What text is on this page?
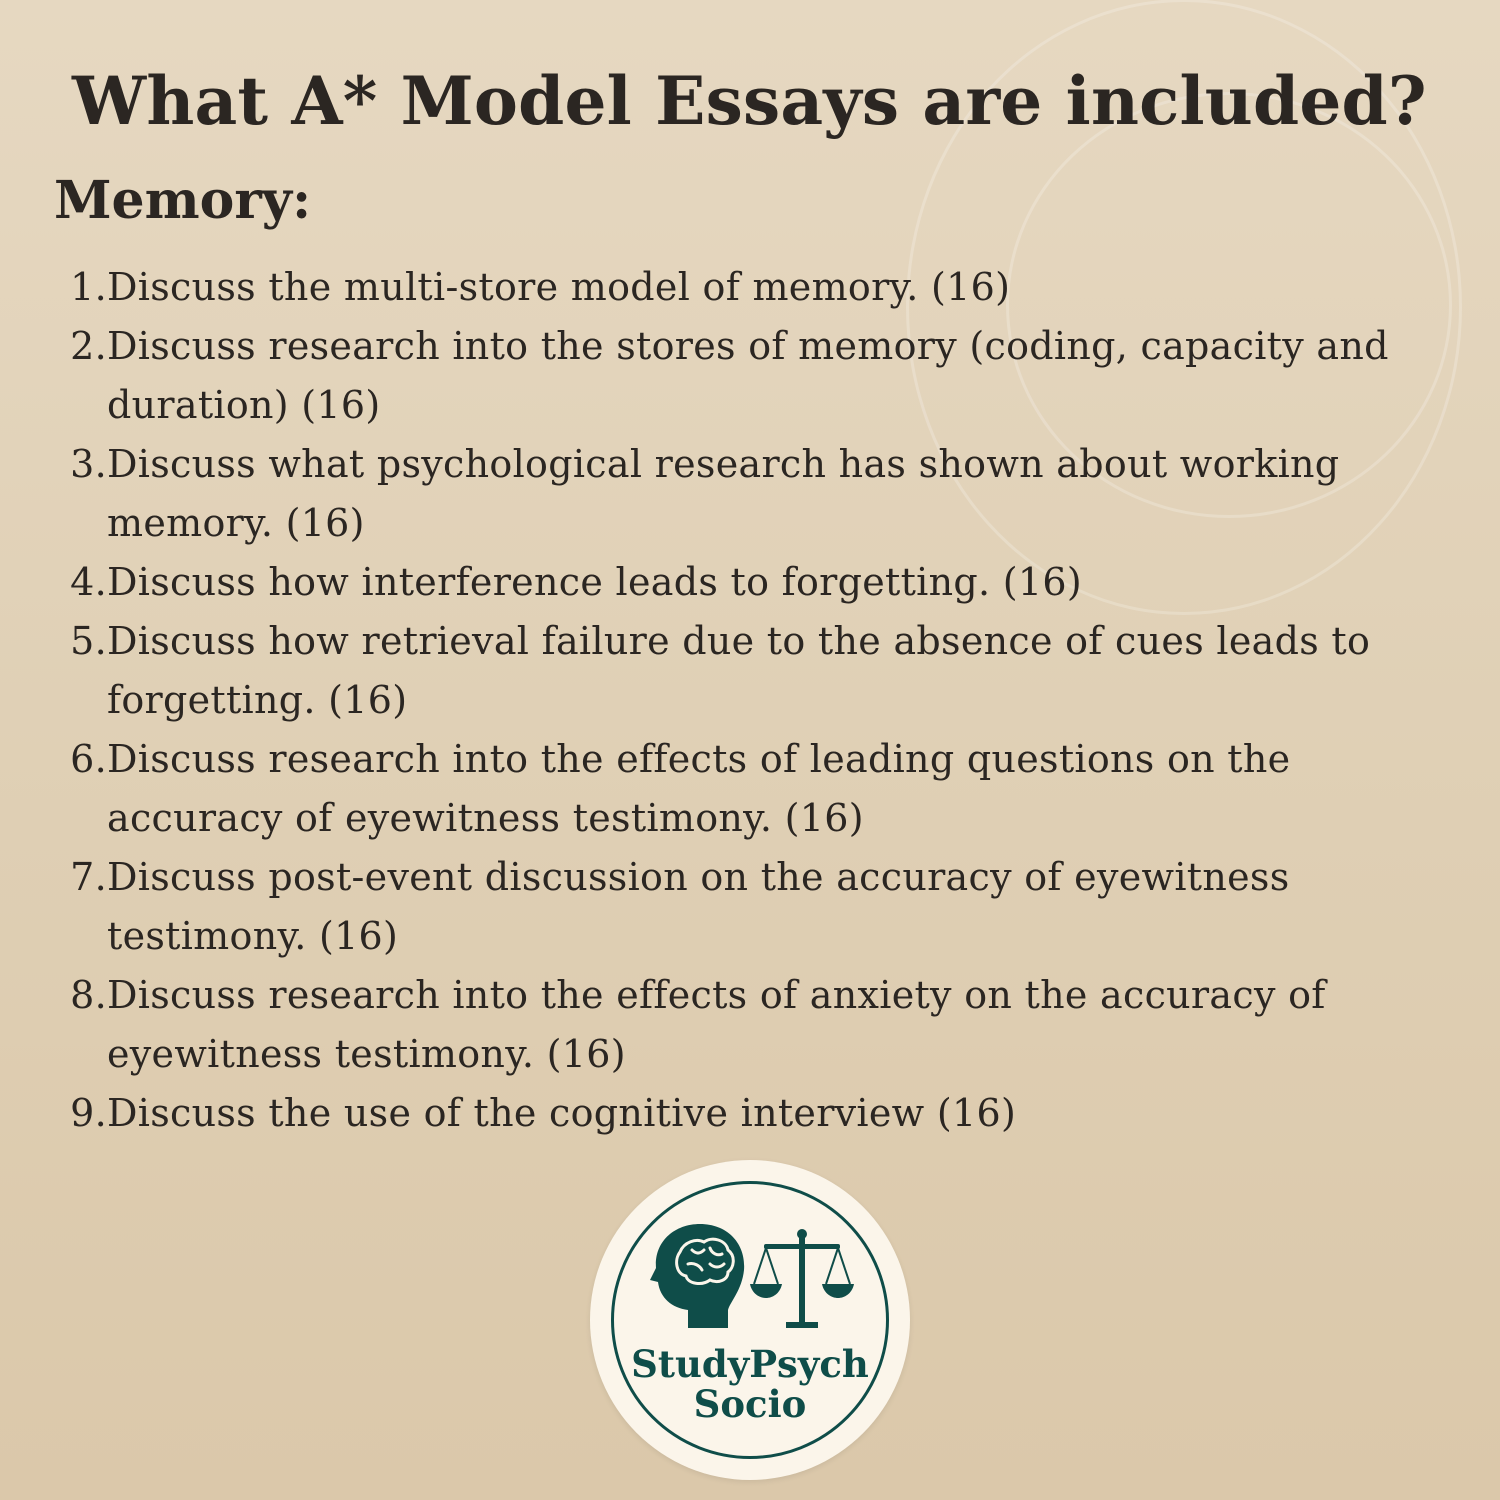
What A* Model Essays are included?
Memory:
1. Discuss the multi-store model of memory. (16)
2. Discuss research into the stores of memory (coding, capacity and duration) (16)
3. Discuss what psychological research has shown about working memory. (16)
4. Discuss how interference leads to forgetting. (16)
5. Discuss how retrieval failure due to the absence of cues leads to forgetting. (16)
6. Discuss research into the effects of leading questions on the accuracy of eyewitness testimony. (16)
7. Discuss post-event discussion on the accuracy of eyewitness testimony. (16)
8. Discuss research into the effects of anxiety on the accuracy of eyewitness testimony. (16)
9. Discuss the use of the cognitive interview (16)
StudyPsych
Socio
